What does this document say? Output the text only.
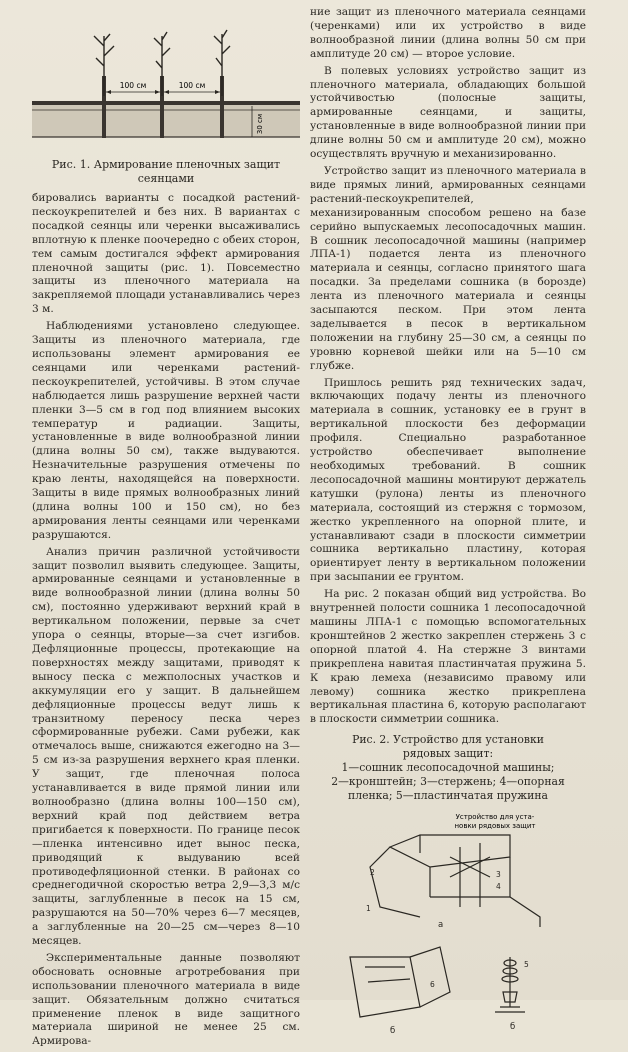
100 см	100 см
30 см
Рис. 1. Армирование пленочных защит сеянцами

бировались варианты с посадкой растений-пескоукрепителей и без них. В вариантах с посадкой сеянцы или черенки высаживались вплотную к пленке поочередно с обеих сторон, тем самым достигался эффект армирования пленочной защиты (рис. 1). Повсеместно защиты из пленочного материала на закрепляемой площади устанавливались через 3 м.

Наблюдениями установлено следующее. Защиты из пленочного материала, где использованы элемент армирования ее сеянцами или черенками растений-пескоукрепителей, устойчивы. В этом случае наблюдается лишь разрушение верхней части пленки 3—5 см в год под влиянием высоких температур и радиации. Защиты, установленные в виде волнообразной линии (длина волны 50 см), также выдуваются. Незначительные разрушения отмечены по краю ленты, находящейся на поверхности. Защиты в виде прямых волнообразных линий (длина волны 100 и 150 см), но без армирования ленты сеянцами или черенками разрушаются.

Анализ причин различной устойчивости защит позволил выявить следующее. Защиты, армированные сеянцами и установленные в виде волнообразной линии (длина волны 50 см), постоянно удерживают верхний край в вертикальном положении, первые за счет упора о сеянцы, вторые—за счет изгибов. Дефляционные процессы, протекающие на поверхностях между защитами, приводят к выносу песка с межполосных участков и аккумуляции его у защит. В дальнейшем дефляционные процессы ведут лишь к транзитному переносу песка через сформированные рубежи. Сами рубежи, как отмечалось выше, снижаются ежегодно на 3—5 см из-за разрушения верхнего края пленки. У защит, где пленочная полоса устанавливается в виде прямой линии или волнообразно (длина волны 100—150 см), верхний край под действием ветра пригибается к поверхности. По границе песок—пленка интенсивно идет вынос песка, приводящий к выдуванию всей противодефляционной стенки. В районах со среднегодичной скоростью ветра 2,9—3,3 м/с защиты, заглубленные в песок на 15 см, разрушаются на 50—70% через 6—7 месяцев, а заглубленные на 20—25 см—через 8—10 месяцев.

Экспериментальные данные позволяют обосновать основные агротребования при использовании пленочного материала в виде защит. Обязательным должно считаться применение пленок в виде защитного материала шириной не менее 25 см. Армирова-

ние защит из пленочного материала сеянцами (черенками) или их устройство в виде волнообразной линии (длина волны 50 см при амплитуде 20 см) — второе условие.

В полевых условиях устройство защит из пленочного материала, обладающих большой устойчивостью (полосные защиты, армированные сеянцами, и защиты, установленные в виде волнообразной линии при длине волны 50 см и амплитуде 20 см), можно осуществлять вручную и механизированно.

Устройство защит из пленочного материала в виде прямых линий, армированных сеянцами растений-пескоукрепителей, механизированным способом решено на базе серийно выпускаемых лесопосадочных машин. В сошник лесопосадочной машины (например ЛПА-1) подается лента из пленочного материала и сеянцы, согласно принятого шага посадки. За пределами сошника (в борозде) лента из пленочного материала и сеянцы засыпаются песком. При этом лента заделывается в песок в вертикальном положении на глубину 25—30 см, а сеянцы по уровню корневой шейки или на 5—10 см глубже.

Пришлось решить ряд технических задач, включающих подачу ленты из пленочного материала в сошник, установку ее в грунт в вертикальной плоскости без деформации профиля. Специально разработанное устройство обеспечивает выполнение необходимых требований. В сошник лесопосадочной машины монтируют держатель катушки (рулона) ленты из пленочного материала, состоящий из стержня с тормозом, жестко укрепленного на опорной плите, и устанавливают сзади в плоскости симметрии сошника вертикально пластину, которая ориентирует ленту в вертикальном положении при засыпании ее грунтом.

На рис. 2 показан общий вид устройства. Во внутренней полости сошника 1 лесопосадочной машины ЛПА-1 с помощью вспомогательных кронштейнов 2 жестко закреплен стержень 3 с опорной платой 4. На стержне 3 винтами прикреплена навитая пластинчатая пружина 5. К краю лемеха (независимо правому или левому) сошника жестко прикреплена вертикальная пластина 6, которую располагают в плоскости симметрии сошника.

Рис. 2. Устройство для установки
рядовых защит:
1—сошник лесопосадочной машины;
2—кронштейн; 3—стержень; 4—опорная пленка; 5—пластинчатая пружина
Устройство для уста-
новки рядовых защит
1
2	3
4
5
6
а
б	б
